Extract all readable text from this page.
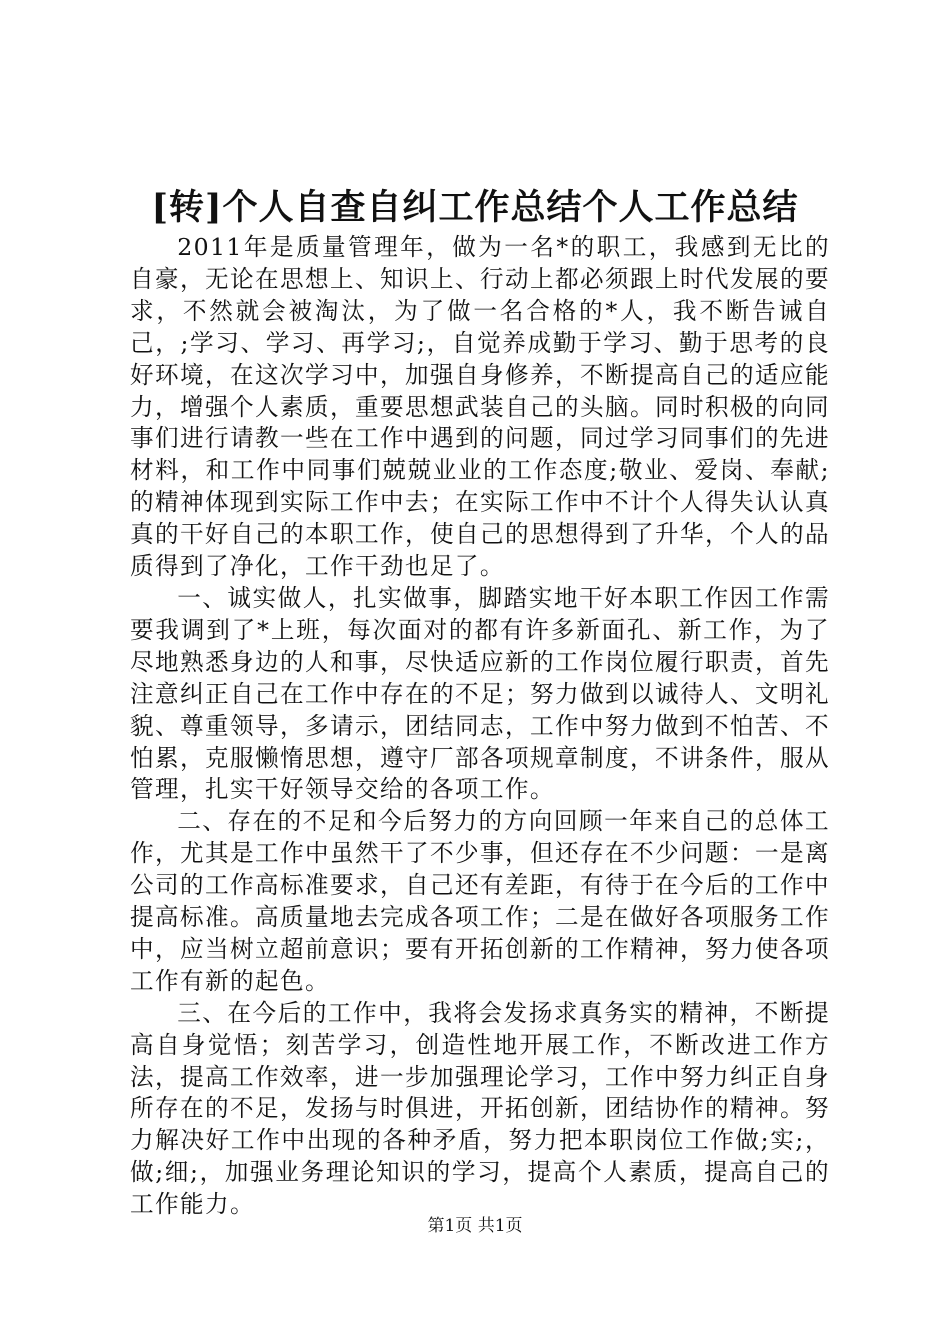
[转]个人自查自纠工作总结个人工作总结

2011年是质量管理年，做为一名*的职工，我感到无比的自豪，无论在思想上、知识上、行动上都必须跟上时代发展的要求，不然就会被淘汰，为了做一名合格的*人，我不断告诫自己，;学习、学习、再学习;，自觉养成勤于学习、勤于思考的良好环境，在这次学习中，加强自身修养，不断提高自己的适应能力，增强个人素质，重要思想武装自己的头脑。同时积极的向同事们进行请教一些在工作中遇到的问题，同过学习同事们的先进材料，和工作中同事们兢兢业业的工作态度;敬业、爱岗、奉献;的精神体现到实际工作中去；在实际工作中不计个人得失认认真真的干好自己的本职工作，使自己的思想得到了升华，个人的品质得到了净化，工作干劲也足了。

一、诚实做人，扎实做事，脚踏实地干好本职工作因工作需要我调到了*上班，每次面对的都有许多新面孔、新工作，为了尽地熟悉身边的人和事，尽快适应新的工作岗位履行职责，首先注意纠正自己在工作中存在的不足；努力做到以诚待人、文明礼貌、尊重领导，多请示，团结同志，工作中努力做到不怕苦、不怕累，克服懒惰思想，遵守厂部各项规章制度，不讲条件，服从管理，扎实干好领导交给的各项工作。

二、存在的不足和今后努力的方向回顾一年来自己的总体工作，尤其是工作中虽然干了不少事，但还存在不少问题：一是离公司的工作高标准要求，自己还有差距，有待于在今后的工作中提高标准。高质量地去完成各项工作；二是在做好各项服务工作中，应当树立超前意识；要有开拓创新的工作精神，努力使各项工作有新的起色。

三、在今后的工作中，我将会发扬求真务实的精神，不断提高自身觉悟；刻苦学习，创造性地开展工作，不断改进工作方法，提高工作效率，进一步加强理论学习，工作中努力纠正自身所存在的不足，发扬与时俱进，开拓创新，团结协作的精神。努力解决好工作中出现的各种矛盾，努力把本职岗位工作做;实;，做;细;，加强业务理论知识的学习，提高个人素质，提高自己的工作能力。

第1页 共1页
